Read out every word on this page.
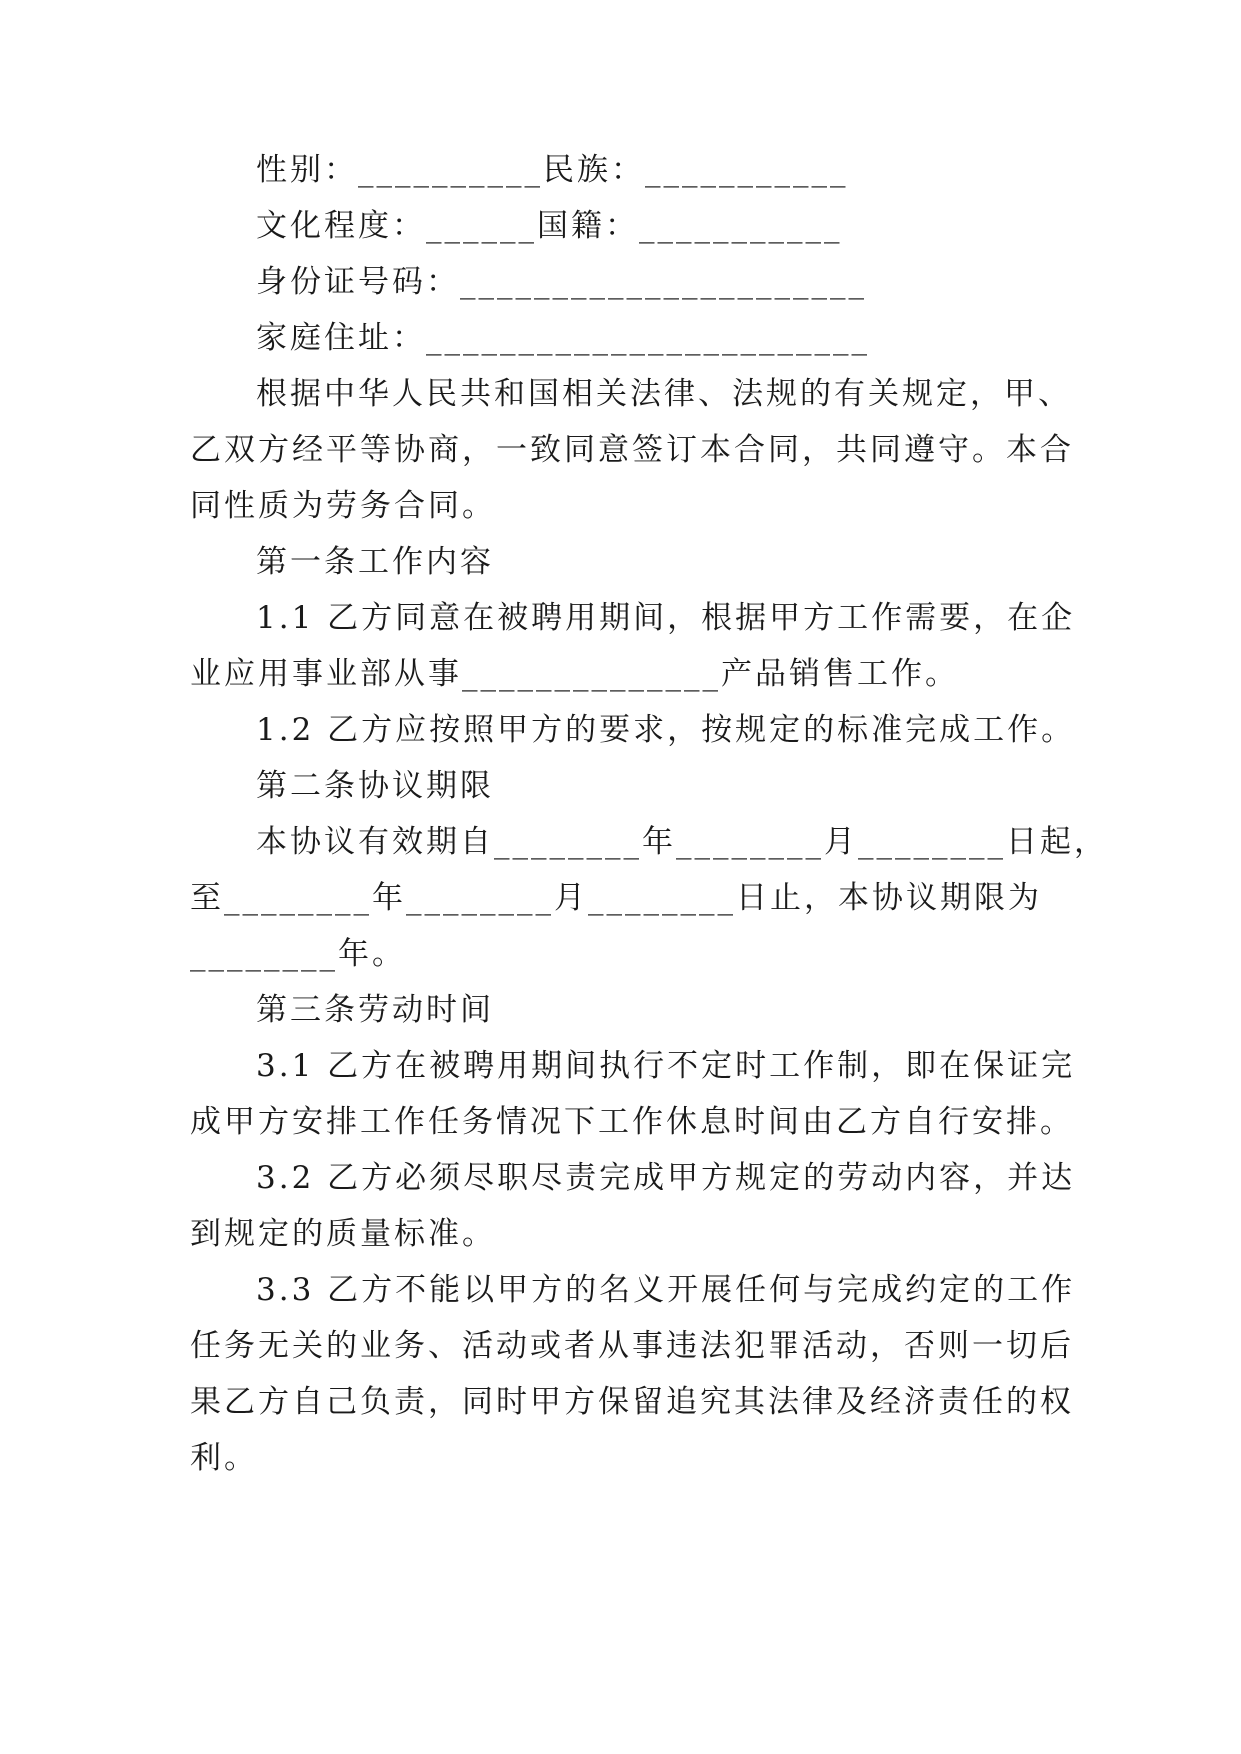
性别：__________民族：___________
文化程度：______国籍：___________
身份证号码：______________________
家庭住址：________________________
根据中华人民共和国相关法律、法规的有关规定，甲、
乙双方经平等协商，一致同意签订本合同，共同遵守。本合
同性质为劳务合同。
第一条工作内容
1.1 乙方同意在被聘用期间，根据甲方工作需要，在企
业应用事业部从事______________产品销售工作。
1.2 乙方应按照甲方的要求，按规定的标准完成工作。
第二条协议期限
本协议有效期自________年________月________日起，
至________年________月________日止，本协议期限为
________年。
第三条劳动时间
3.1 乙方在被聘用期间执行不定时工作制，即在保证完
成甲方安排工作任务情况下工作休息时间由乙方自行安排。
3.2 乙方必须尽职尽责完成甲方规定的劳动内容，并达
到规定的质量标准。
3.3 乙方不能以甲方的名义开展任何与完成约定的工作
任务无关的业务、活动或者从事违法犯罪活动，否则一切后
果乙方自己负责，同时甲方保留追究其法律及经济责任的权
利。
